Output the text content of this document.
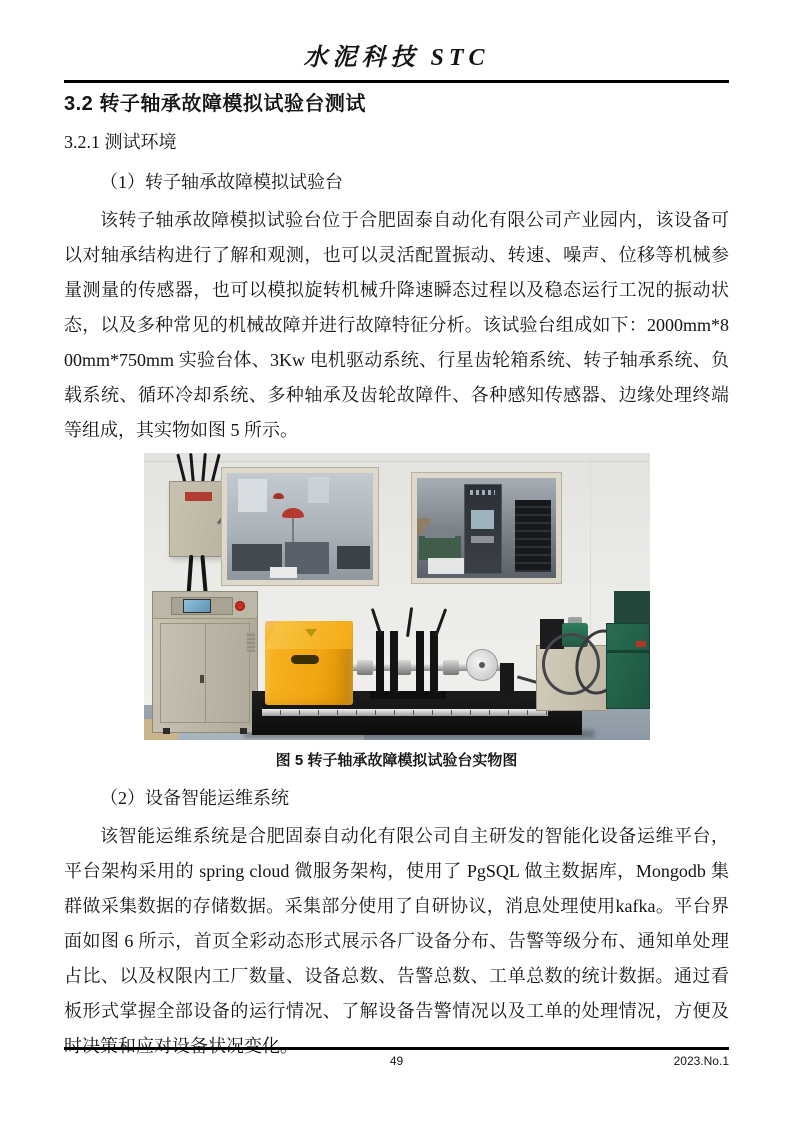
水泥科技 STC
3.2 转子轴承故障模拟试验台测试
3.2.1 测试环境
（1）转子轴承故障模拟试验台

该转子轴承故障模拟试验台位于合肥固泰自动化有限公司产业园内，该设备可以对轴承结构进行了解和观测，也可以灵活配置振动、转速、噪声、位移等机械参量测量的传感器，也可以模拟旋转机械升降速瞬态过程以及稳态运行工况的振动状态，以及多种常见的机械故障并进行故障特征分析。该试验台组成如下：2000mm*800mm*750mm 实验台体、3Kw 电机驱动系统、行星齿轮箱系统、转子轴承系统、负载系统、循环冷却系统、多种轴承及齿轮故障件、各种感知传感器、边缘处理终端等组成，其实物如图 5 所示。

图 5 转子轴承故障模拟试验台实物图
（2）设备智能运维系统

该智能运维系统是合肥固泰自动化有限公司自主研发的智能化设备运维平台，平台架构采用的 spring cloud 微服务架构，使用了 PgSQL 做主数据库，Mongodb 集群做采集数据的存储数据。采集部分使用了自研协议，消息处理使用kafka。平台界面如图 6 所示，首页全彩动态形式展示各厂设备分布、告警等级分布、通知单处理占比、以及权限内工厂数量、设备总数、告警总数、工单总数的统计数据。通过看板形式掌握全部设备的运行情况、了解设备告警情况以及工单的处理情况，方便及时决策和应对设备状况变化。

49	2023.No.1
